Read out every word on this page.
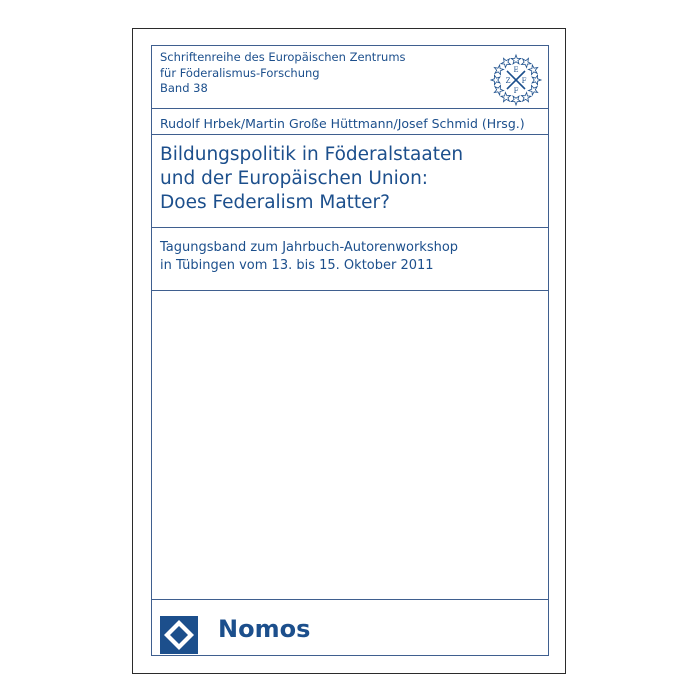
Schriftenreihe des Europäischen Zentrums
für Föderalismus-Forschung
Band 38
E
Z F
F
Rudolf Hrbek/Martin Große Hüttmann/Josef Schmid (Hrsg.)
Bildungspolitik in Föderalstaaten
und der Europäischen Union:
Does Federalism Matter?
Tagungsband zum Jahrbuch-Autorenworkshop
in Tübingen vom 13. bis 15. Oktober 2011
Nomos
